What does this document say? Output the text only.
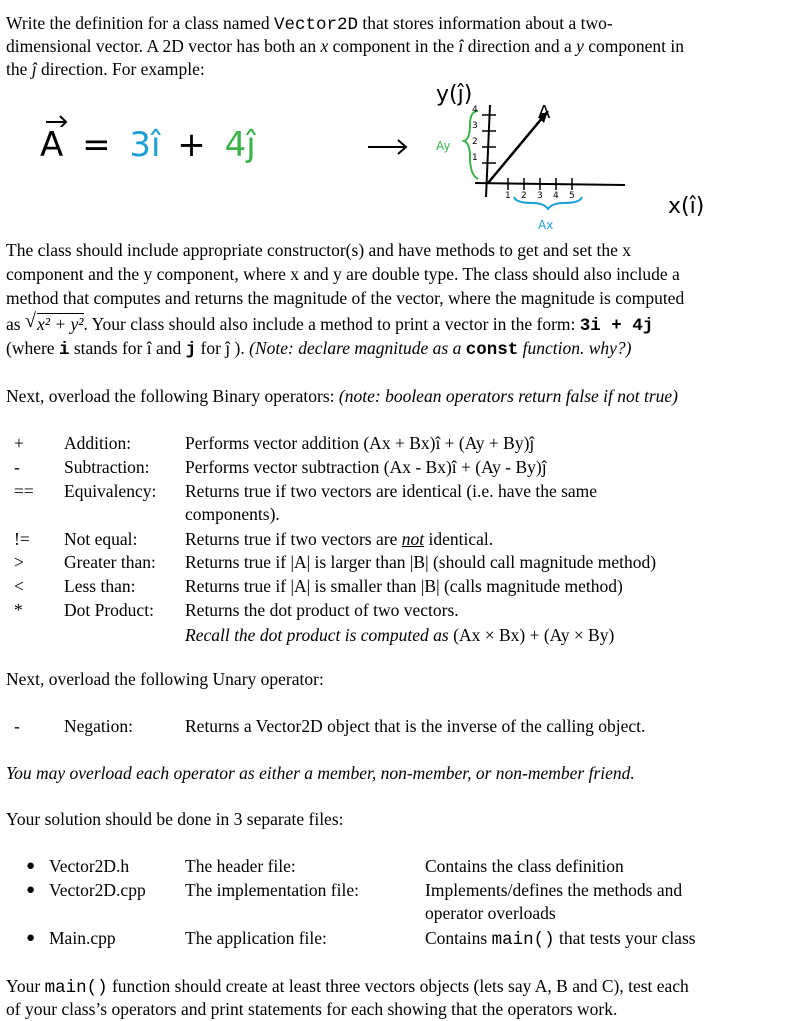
Write the definition for a class named Vector2D that stores information about a two-
dimensional vector. A 2D vector has both an x component in the î direction and a y component in
the ĵ direction. For example:
A = 3î + 4ĵ
y(ĵ)
A
Ay
4
3
2
1
1 2 3 4 5
Ax
x(î)
The class should include appropriate constructor(s) and have methods to get and set the x
component and the y component, where x and y are double type. The class should also include a
method that computes and returns the magnitude of the vector, where the magnitude is computed
as √ x² + y². Your class should also include a method to print a vector in the form: 3i + 4j
(where i stands for î and j for ĵ ). (Note: declare magnitude as a const function. why?)
Next, overload the following Binary operators: (note: boolean operators return false if not true)
+	Addition:	Performs vector addition (Ax + Bx)î + (Ay + By)ĵ
-	Subtraction: Performs vector subtraction (Ax - Bx)î + (Ay - By)ĵ
==	Equivalency: Returns true if two vectors are identical (i.e. have the same
components).
!=	Not equal:	Returns true if two vectors are not identical.
>	Greater than: Returns true if |A| is larger than |B| (should call magnitude method)
<	Less than:	Returns true if |A| is smaller than |B| (calls magnitude method)
*	Dot Product: Returns the dot product of two vectors.
Recall the dot product is computed as (Ax × Bx) + (Ay × By)
Next, overload the following Unary operator:
-	Negation:	Returns a Vector2D object that is the inverse of the calling object.
You may overload each operator as either a member, non-member, or non-member friend.
Your solution should be done in 3 separate files:
● Vector2D.h	The header file:	Contains the class definition
● Vector2D.cpp The implementation file:	Implements/defines the methods and
operator overloads
● Main.cpp	The application file:	Contains main() that tests your class
Your main() function should create at least three vectors objects (lets say A, B and C), test each
of your class’s operators and print statements for each showing that the operators work.
